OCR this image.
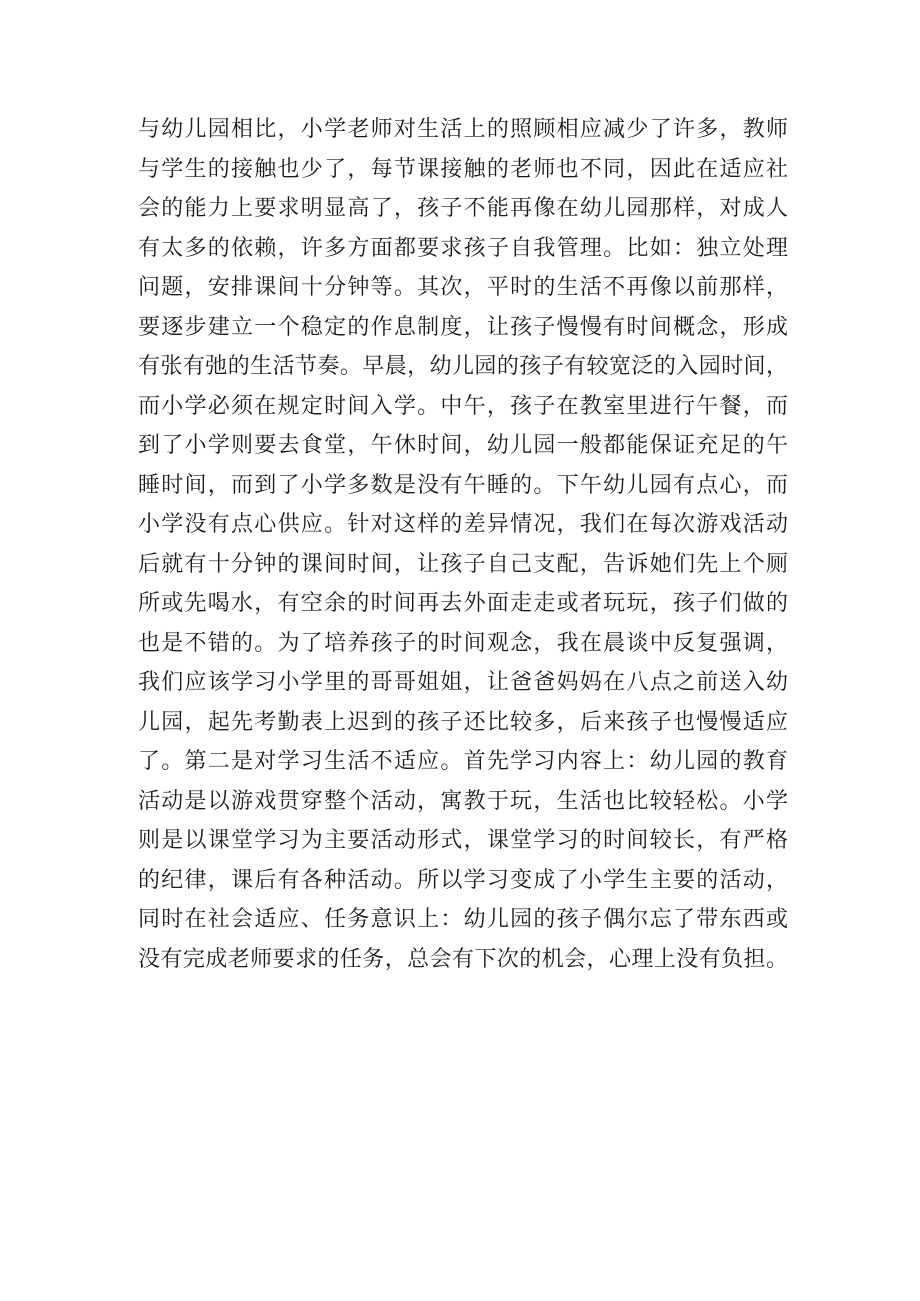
与幼儿园相比，小学老师对生活上的照顾相应减少了许多，教师
与学生的接触也少了，每节课接触的老师也不同，因此在适应社
会的能力上要求明显高了，孩子不能再像在幼儿园那样，对成人
有太多的依赖，许多方面都要求孩子自我管理。比如：独立处理
问题，安排课间十分钟等。其次，平时的生活不再像以前那样，
要逐步建立一个稳定的作息制度，让孩子慢慢有时间概念，形成
有张有弛的生活节奏。早晨，幼儿园的孩子有较宽泛的入园时间，
而小学必须在规定时间入学。中午，孩子在教室里进行午餐，而
到了小学则要去食堂，午休时间，幼儿园一般都能保证充足的午
睡时间，而到了小学多数是没有午睡的。下午幼儿园有点心，而
小学没有点心供应。针对这样的差异情况，我们在每次游戏活动
后就有十分钟的课间时间，让孩子自己支配，告诉她们先上个厕
所或先喝水，有空余的时间再去外面走走或者玩玩，孩子们做的
也是不错的。为了培养孩子的时间观念，我在晨谈中反复强调，
我们应该学习小学里的哥哥姐姐，让爸爸妈妈在八点之前送入幼
儿园，起先考勤表上迟到的孩子还比较多，后来孩子也慢慢适应
了。第二是对学习生活不适应。首先学习内容上：幼儿园的教育
活动是以游戏贯穿整个活动，寓教于玩，生活也比较轻松。小学
则是以课堂学习为主要活动形式，课堂学习的时间较长，有严格
的纪律，课后有各种活动。所以学习变成了小学生主要的活动，
同时在社会适应、任务意识上：幼儿园的孩子偶尔忘了带东西或
没有完成老师要求的任务，总会有下次的机会，心理上没有负担。
